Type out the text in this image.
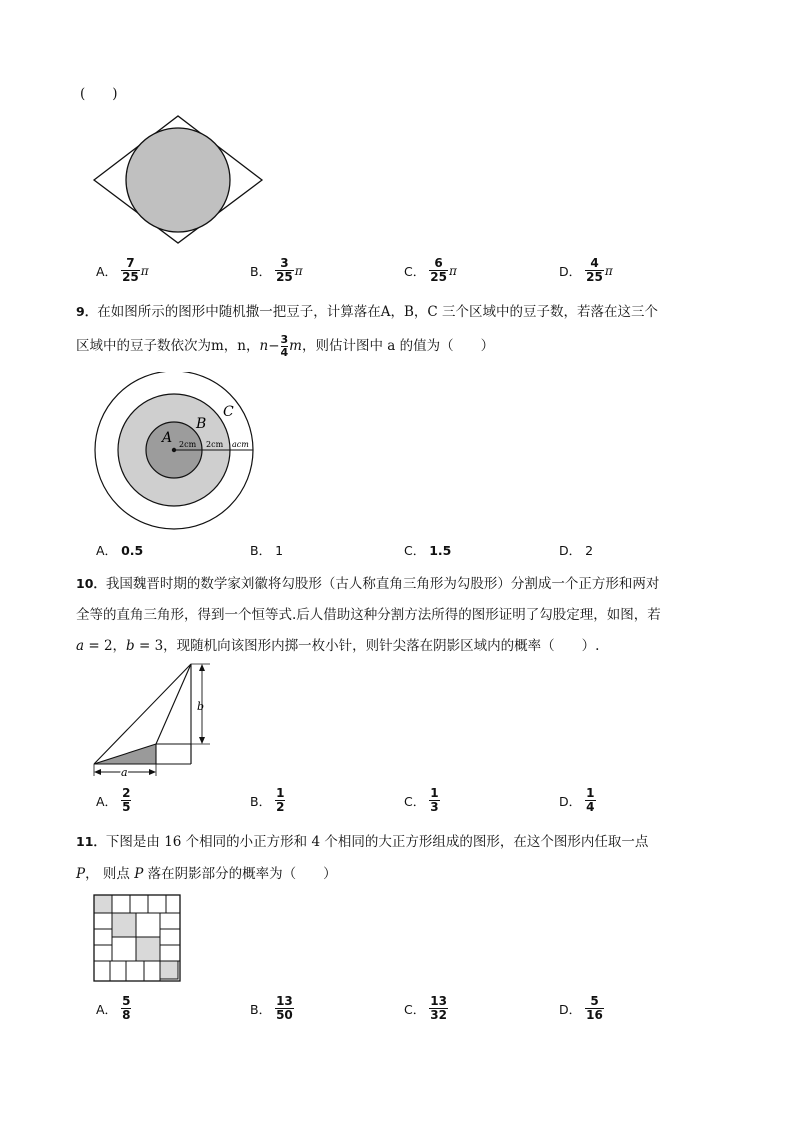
(　　)
A． $\frac{7}{25}$ π	B． $\frac{3}{25}$ π	C． $\frac{6}{25}$ π	D． $\frac{4}{25}$ π
9．在如图所示的图形中随机撒一把豆子，计算落在A，B，C 三个区域中的豆子数，若落在这三个
区域中的豆子数依次为m，n，$n- \frac{3}{4}$ m，则估计图中 a 的值为（　　）
A
B
C
2cm 2cm acm
A． 0.5	B． 1	C． 1.5	D． 2
10．我国魏晋时期的数学家刘徽将勾股形（古人称直角三角形为勾股形）分割成一个正方形和两对
全等的直角三角形，得到一个恒等式.后人借助这种分割方法所得的图形证明了勾股定理，如图，若
a = 2，b = 3，现随机向该图形内掷一枚小针，则针尖落在阴影区域内的概率（　　）.
b
a
A． $\frac{2}{5}$	B． $\frac{1}{2}$	C． $\frac{1}{3}$	D． $\frac{1}{4}$
11．下图是由 16 个相同的小正方形和 4 个相同的大正方形组成的图形，在这个图形内任取一点
P， 则点 P 落在阴影部分的概率为（　　）
A． $\frac{5}{8}$	B． $\frac{13}{50}$	C． $\frac{13}{32}$	D． $\frac{5}{16}$
